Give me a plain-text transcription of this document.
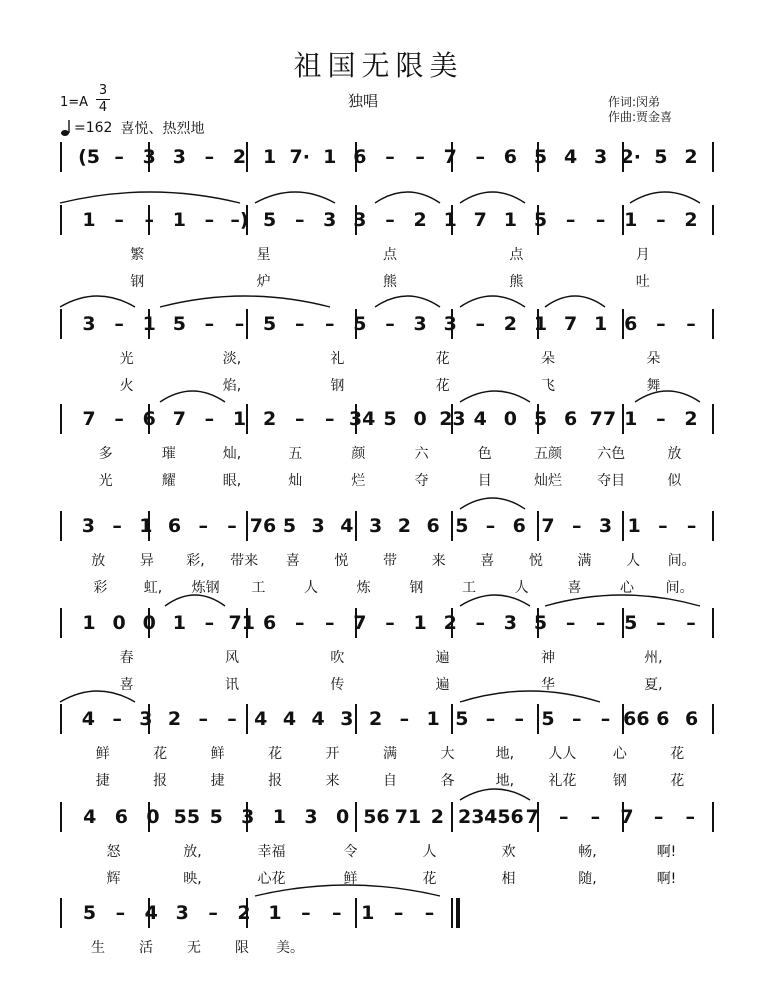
祖国无限美
独唱	作词:闵弟
作曲:贾金喜
1=A
3
4
=162 喜悦、热烈地
(5 – 3 3 – 2 1 7· 1 6 – – 7 – 6 5 4 3 2· 5 2
1 – – 1 – –) 5 – 3 3 – 2 1 7 1 5 – – 1 – 2
繁	星	点	点	月
钢	炉	熊	熊	吐
3 – 1 5 – – 5 – – 5 – 3 3 – 2 1 7 1 6 – –
光	淡,	礼	花	朵	朵
火	焰,	钢	花	飞	舞
7 – 6 7 – 1 2 – – 34 5 0 23 4 0 5 6 77 1 – 2
多	璀	灿,	五	颜	六	色	五颜	六色	放
光	耀	眼,	灿	烂	夺	目	灿烂	夺目	似
3 – 1 6 – – 76 5 3 4 3 2 6 5 – 6 7 – 3 1 – –
放 异 彩, 带来 喜 悦 带 来 喜 悦 满 人 间。
彩	虹, 炼钢 工	人	炼	钢	工	人	喜	心 间。
1 0 0 1 – 71 6 – – 7 – 1 2 – 3 5 – – 5 – –
春	风	吹	遍	神	州,
喜	讯	传	遍	华	夏,
4 – 3 2 – – 4 4 4 3 2 – 1 5 – – 5 – – 66 6 6
鲜	花	鲜	花	开	满	大	地, 人人	心	花
捷	报	捷	报	来	自	各	地, 礼花	钢	花
4 6 0 55 5 3 1 3 0 56 71 2 23 456 7 – – 7 – –
怒	放,	幸福	令	人	欢	畅,	啊!
辉	映,	心花	鲜	花	相	随,	啊!
5 – 4 3 – 2 1 – – 1 – –
生 活 无 限 美。
